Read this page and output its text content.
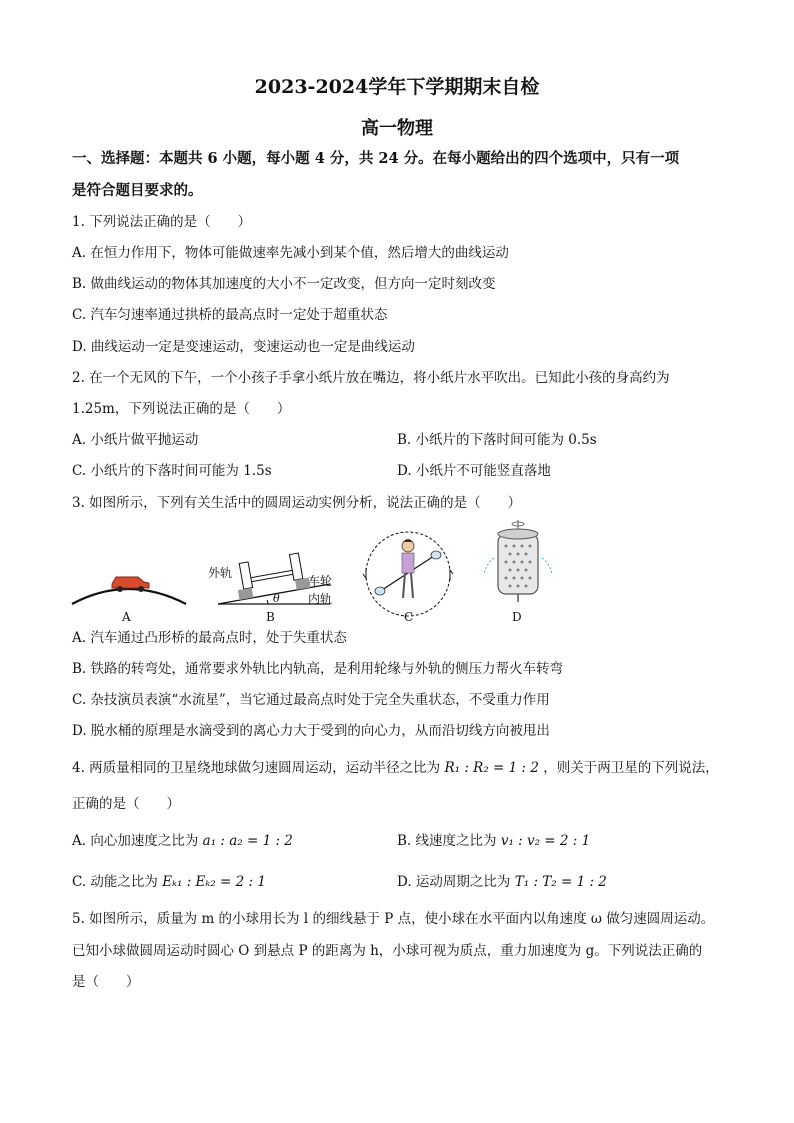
2023-2024学年下学期期末自检
高一物理
一、选择题：本题共 6 小题，每小题 4 分，共 24 分。在每小题给出的四个选项中，只有一项
是符合题目要求的。
1. 下列说法正确的是（　　）
A. 在恒力作用下，物体可能做速率先减小到某个值，然后增大的曲线运动
B. 做曲线运动的物体其加速度的大小不一定改变，但方向一定时刻改变
C. 汽车匀速率通过拱桥的最高点时一定处于超重状态
D. 曲线运动一定是变速运动，变速运动也一定是曲线运动
2. 在一个无风的下午，一个小孩子手拿小纸片放在嘴边，将小纸片水平吹出。已知此小孩的身高约为
1.25m，下列说法正确的是（　　）
A. 小纸片做平抛运动	B. 小纸片的下落时间可能为 0.5s
C. 小纸片的下落时间可能为 1.5s	D. 小纸片不可能竖直落地
3. 如图所示，下列有关生活中的圆周运动实例分析，说法正确的是（　　）
A	B	C	D
外轨
车轮
内轨
θ
A. 汽车通过凸形桥的最高点时，处于失重状态
B. 铁路的转弯处，通常要求外轨比内轨高，是利用轮缘与外轨的侧压力帮火车转弯
C. 杂技演员表演“水流星”，当它通过最高点时处于完全失重状态，不受重力作用
D. 脱水桶的原理是水滴受到的离心力大于受到的向心力，从而沿切线方向被甩出
4. 两质量相同的卫星绕地球做匀速圆周运动，运动半径之比为 R₁ : R₂ = 1 : 2 ，则关于两卫星的下列说法，
正确的是（　　）
A. 向心加速度之比为 a₁ : a₂ = 1 : 2	B. 线速度之比为 v₁ : v₂ = 2 : 1
C. 动能之比为 Eₖ₁ : Eₖ₂ = 2 : 1	D. 运动周期之比为 T₁ : T₂ = 1 : 2
5. 如图所示，质量为 m 的小球用长为 l 的细线悬于 P 点，使小球在水平面内以角速度 ω 做匀速圆周运动。
已知小球做圆周运动时圆心 O 到悬点 P 的距离为 h，小球可视为质点，重力加速度为 g。下列说法正确的
是（　　）
